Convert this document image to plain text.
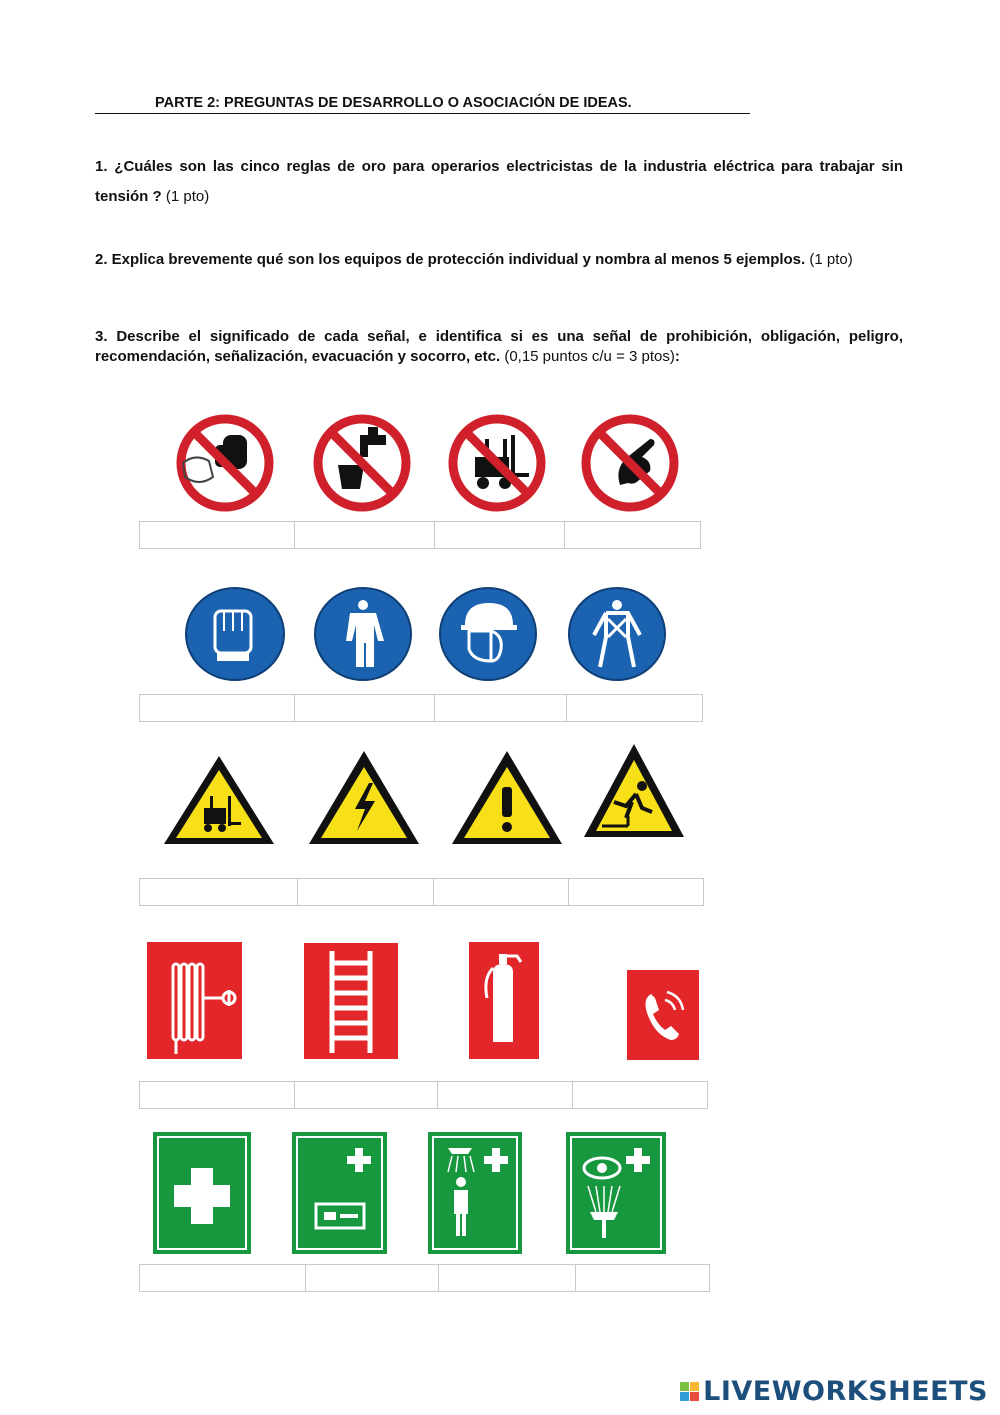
PARTE 2: PREGUNTAS DE DESARROLLO O ASOCIACIÓN DE IDEAS.
1. ¿Cuáles son las cinco reglas de oro para operarios electricistas de la industria eléctrica para trabajar sin tensión ? (1 pto)
2. Explica brevemente qué son los equipos de protección individual y nombra al menos 5 ejemplos. (1 pto)
3. Describe el significado de cada señal, e identifica si es una señal de prohibición, obligación, peligro, recomendación, señalización, evacuación y socorro, etc. (0,15 puntos c/u = 3 ptos):
LIVEWORKSHEETS
